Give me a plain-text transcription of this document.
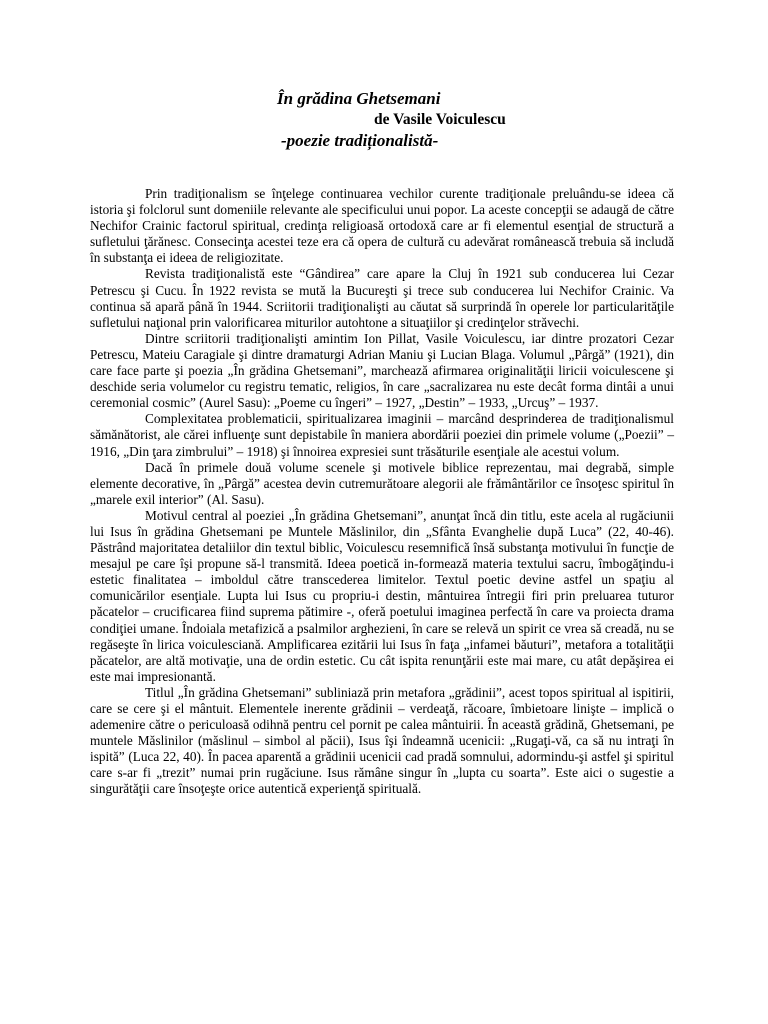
În grădina Ghetsemani
de Vasile Voiculescu
-poezie tradiționalistă-

Prin tradiţionalism se înţelege continuarea vechilor curente tradiţionale preluându-se ideea că istoria şi folclorul sunt domeniile relevante ale specificului unui popor. La aceste concepţii se adaugă de către Nechifor Crainic factorul spiritual, credinţa religioasă ortodoxă care ar fi elementul esenţial de structură a sufletului ţărănesc. Consecinţa acestei teze era că opera de cultură cu adevărat românească trebuia să includă în substanţa ei ideea de religiozitate.

Revista tradiţionalistă este “Gândirea” care apare la Cluj în 1921 sub conducerea lui Cezar Petrescu şi Cucu. În 1922 revista se mută la Bucureşti şi trece sub conducerea lui Nechifor Crainic. Va continua să apară până în 1944. Scriitorii tradiţionalişti au căutat să surprindă în operele lor particularităţile sufletului naţional prin valorificarea miturilor autohtone a situaţiilor şi credinţelor străvechi.

Dintre scriitorii tradiţionalişti amintim Ion Pillat, Vasile Voiculescu, iar dintre prozatori Cezar Petrescu, Mateiu Caragiale şi dintre dramaturgi Adrian Maniu şi Lucian Blaga. Volumul „Pârgă” (1921), din care face parte şi poezia „În grădina Ghetsemani”, marchează afirmarea originalităţii liricii voiculescene şi deschide seria volumelor cu registru tematic, religios, în care „sacralizarea nu este decât forma dintâi a unui ceremonial cosmic” (Aurel Sasu): „Poeme cu îngeri” – 1927, „Destin” – 1933, „Urcuş” – 1937.

Complexitatea problematicii, spiritualizarea imaginii – marcând desprinderea de tradiţionalismul sămănătorist, ale cărei influenţe sunt depistabile în maniera abordării poeziei din primele volume („Poezii” – 1916, „Din ţara zimbrului” – 1918) şi înnoirea expresiei sunt trăsăturile esenţiale ale acestui volum.

Dacă în primele două volume scenele şi motivele biblice reprezentau, mai degrabă, simple elemente decorative, în „Pârgă” acestea devin cutremurătoare alegorii ale frământărilor ce însoţesc spiritul în „marele exil interior” (Al. Sasu).

Motivul central al poeziei „În grădina Ghetsemani”, anunţat încă din titlu, este acela al rugăciunii lui Isus în grădina Ghetsemani pe Muntele Măslinilor, din „Sfânta Evanghelie după Luca” (22, 40-46). Păstrând majoritatea detaliilor din textul biblic, Voiculescu resemnifică însă substanţa motivului în funcţie de mesajul pe care îşi propune să-l transmită. Ideea poetică in-formează materia textului sacru, îmbogăţindu-i estetic finalitatea – imboldul către transcederea limitelor. Textul poetic devine astfel un spaţiu al comunicărilor esenţiale. Lupta lui Isus cu propriu-i destin, mântuirea întregii firi prin preluarea tuturor păcatelor – crucificarea fiind suprema pătimire -, oferă poetului imaginea perfectă în care va proiecta drama condiţiei umane. Îndoiala metafizică a psalmilor arghezieni, în care se relevă un spirit ce vrea să creadă, nu se regăseşte în lirica voiculesciană. Amplificarea ezitării lui Isus în faţa „infamei băuturi”, metafora a totalităţii păcatelor, are altă motivaţie, una de ordin estetic. Cu cât ispita renunţării este mai mare, cu atât depăşirea ei este mai impresionantă.

Titlul „În grădina Ghetsemani” subliniază prin metafora „grădinii”, acest topos spiritual al ispitirii, care se cere şi el mântuit. Elementele inerente grădinii – verdeaţă, răcoare, îmbietoare linişte – implică o ademenire către o periculoasă odihnă pentru cel pornit pe calea mântuirii. În această grădină, Ghetsemani, pe muntele Măslinilor (măslinul – simbol al păcii), Isus îşi îndeamnă ucenicii: „Rugaţi-vă, ca să nu intraţi în ispită” (Luca 22, 40). În pacea aparentă a grădinii ucenicii cad pradă somnului, adormindu-şi astfel şi spiritul care s-ar fi „trezit” numai prin rugăciune. Isus rămâne singur în „lupta cu soarta”. Este aici o sugestie a singurătăţii care însoţeşte orice autentică experienţă spirituală.
